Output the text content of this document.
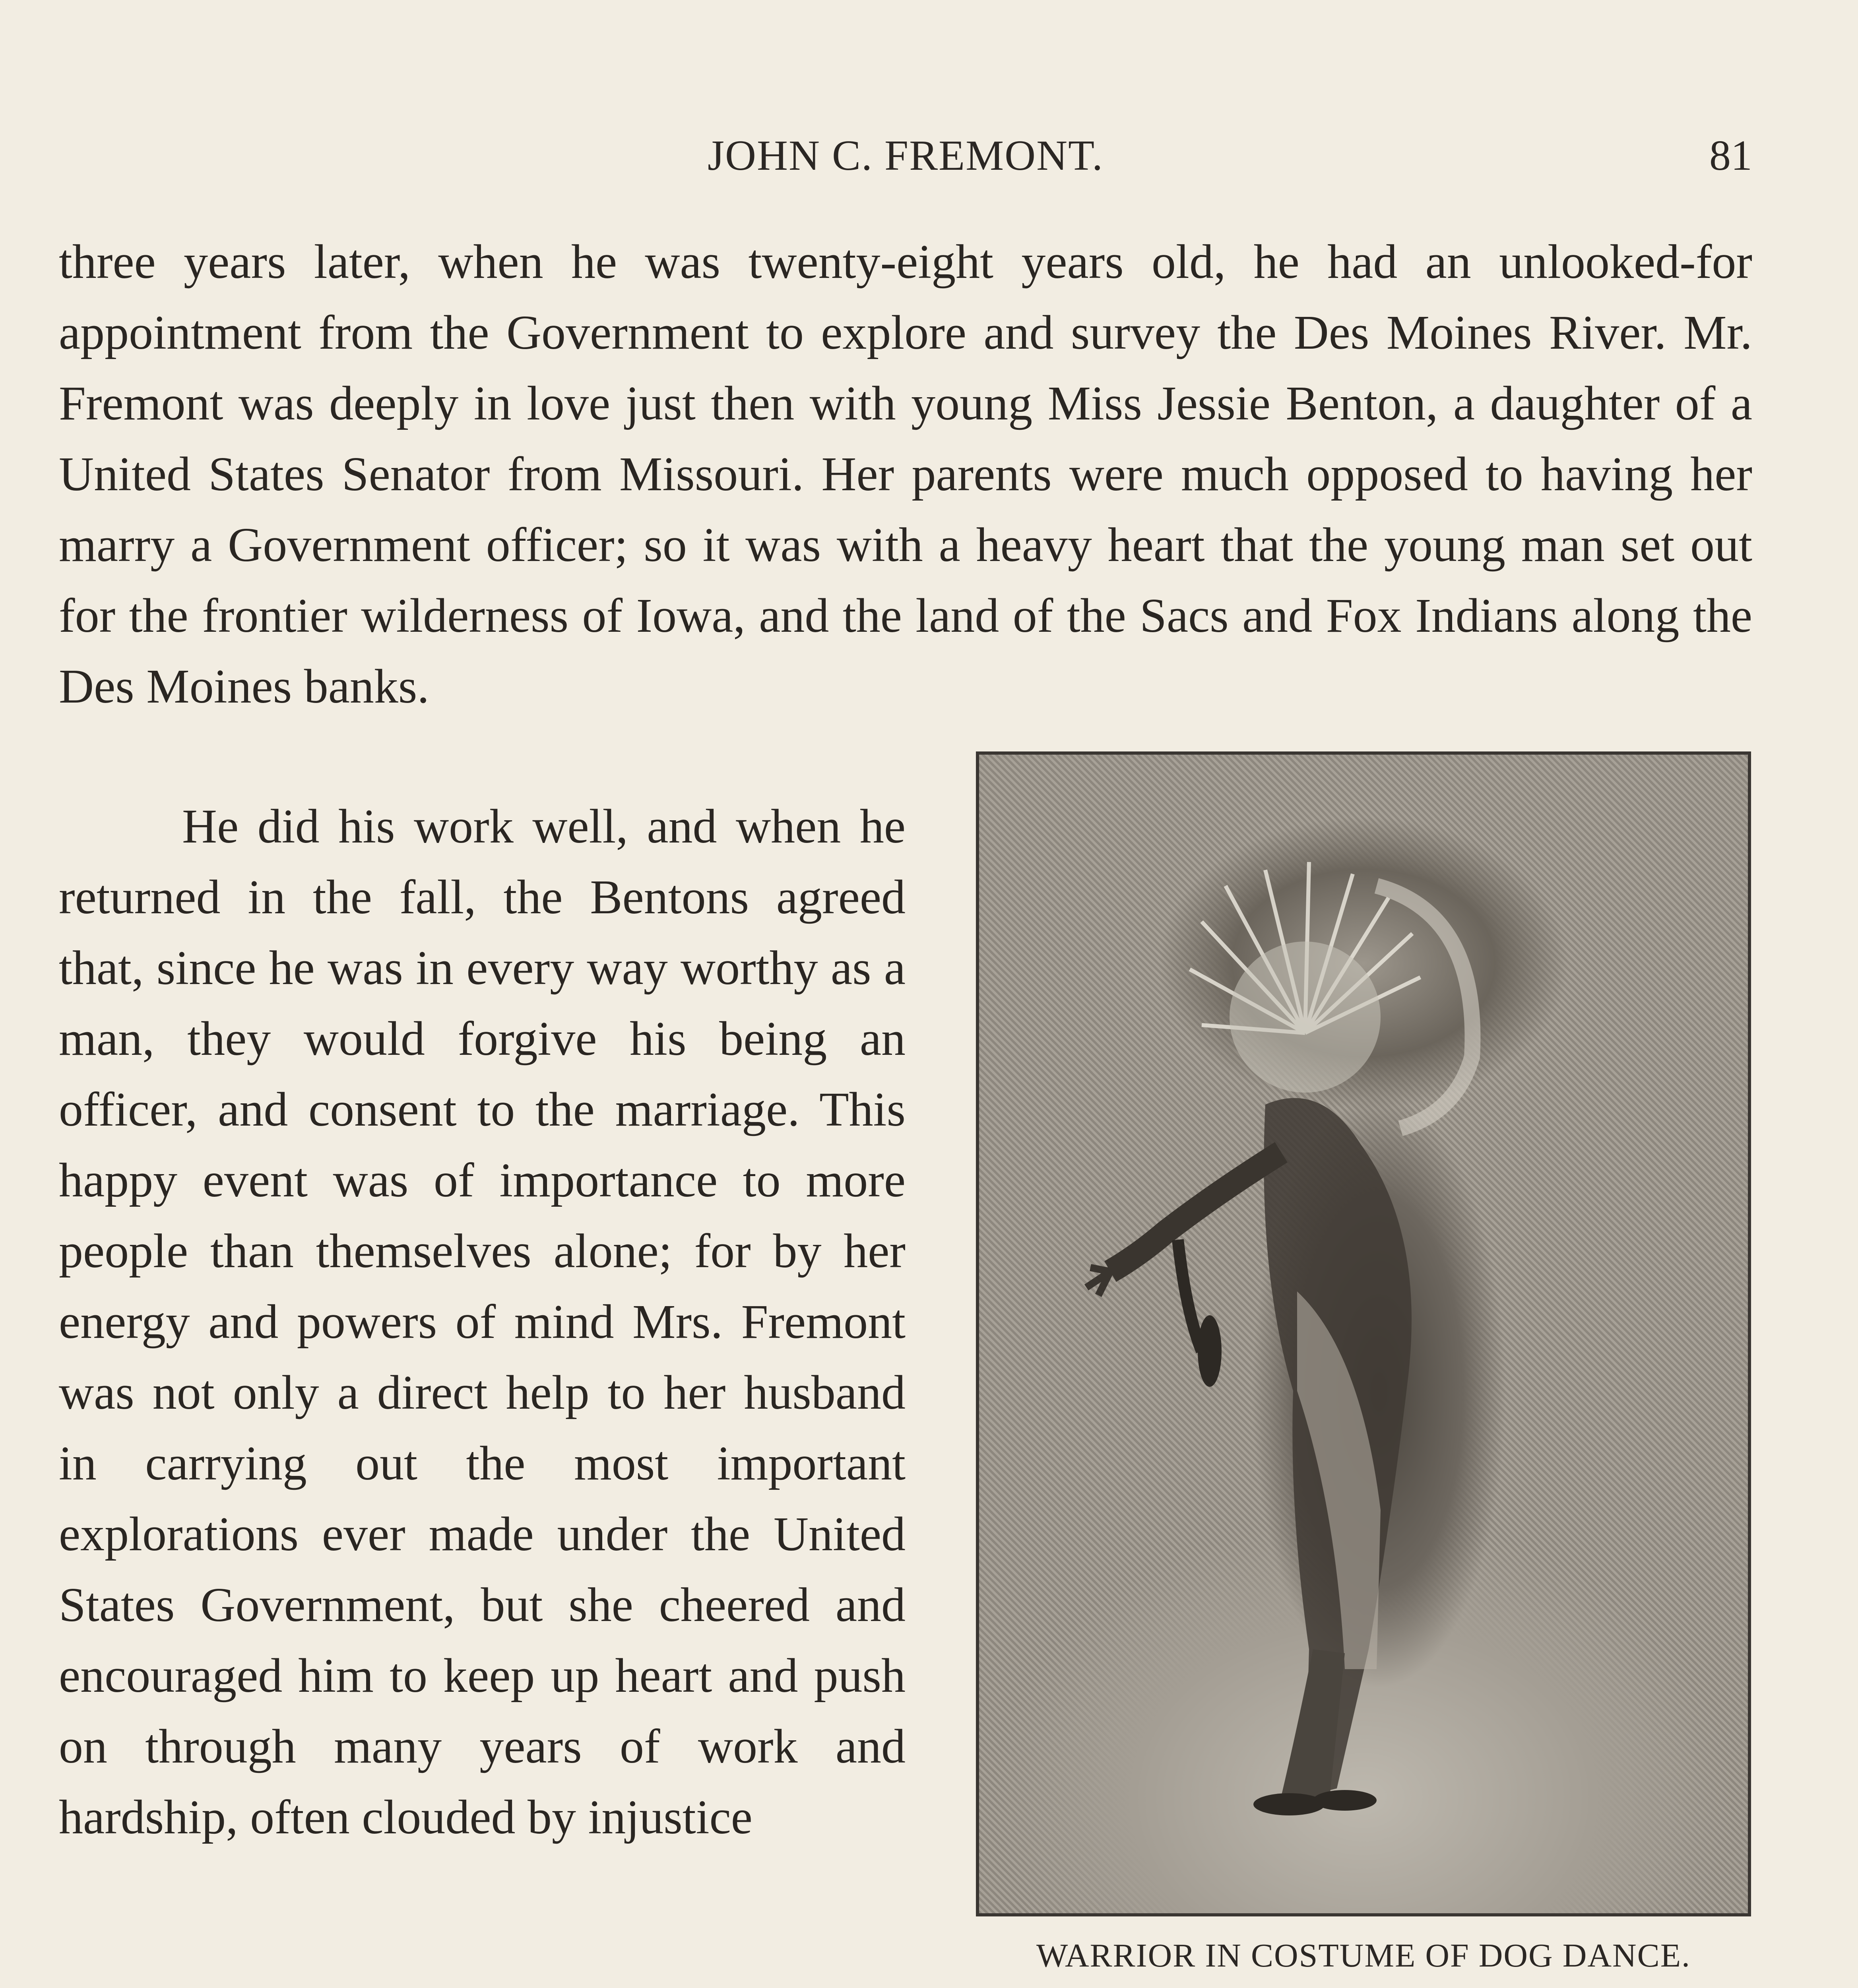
JOHN C. FREMONT.	81

three years later, when he was twenty-eight years old, he had an unlooked-for appointment from the Government to explore and survey the Des Moines River. Mr. Fremont was deeply in love just then with young Miss Jessie Benton, a daughter of a United States Senator from Missouri. Her parents were much opposed to having her marry a Government officer; so it was with a heavy heart that the young man set out for the frontier wilderness of Iowa, and the land of the Sacs and Fox Indians along the Des Moines banks.

He did his work well, and when he returned in the fall, the Bentons agreed that, since he was in every way worthy as a man, they would forgive his being an officer, and consent to the marriage. This happy event was of importance to more people than themselves alone; for by her energy and powers of mind Mrs. Fremont was not only a direct help to her husband in carrying out the most important explorations ever made under the United States Government, but she cheered and encouraged him to keep up heart and push on through many years of work and hardship, often clouded by injustice

WARRIOR IN COSTUME OF DOG DANCE.
